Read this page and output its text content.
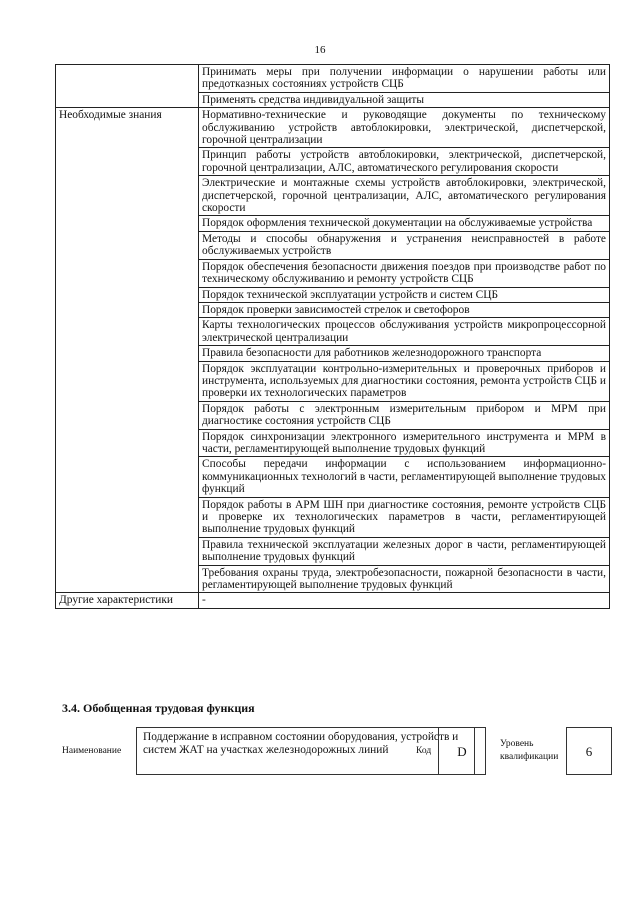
16
	Принимать меры при получении информации о нарушении работы или предотказных состояниях устройств СЦБ
	Применять средства индивидуальной защиты
Необходимые знания	Нормативно-технические и руководящие документы по техническому обслуживанию устройств автоблокировки, электрической, диспетчерской, горочной централизации
	Принцип работы устройств автоблокировки, электрической, диспетчерской, горочной централизации, АЛС, автоматического регулирования скорости
	Электрические и монтажные схемы устройств автоблокировки, электрической, диспетчерской, горочной централизации, АЛС, автоматического регулирования скорости
	Порядок оформления технической документации на обслуживаемые устройства
	Методы и способы обнаружения и устранения неисправностей в работе обслуживаемых устройств
	Порядок обеспечения безопасности движения поездов при производстве работ по техническому обслуживанию и ремонту устройств СЦБ
	Порядок технической эксплуатации устройств и систем СЦБ
	Порядок проверки зависимостей стрелок и светофоров
	Карты технологических процессов обслуживания устройств микропроцессорной электрической централизации
	Правила безопасности для работников железнодорожного транспорта
	Порядок эксплуатации контрольно-измерительных и проверочных приборов и инструмента, используемых для диагностики состояния, ремонта устройств СЦБ и проверки их технологических параметров
	Порядок работы с электронным измерительным прибором и МРМ при диагностике состояния устройств СЦБ
	Порядок синхронизации электронного измерительного инструмента и МРМ в части, регламентирующей выполнение трудовых функций
	Способы передачи информации с использованием информационно-коммуникационных технологий в части, регламентирующей выполнение трудовых функций
	Порядок работы в АРМ ШН при диагностике состояния, ремонте устройств СЦБ и проверке их технологических параметров в части, регламентирующей выполнение трудовых функций
	Правила технической эксплуатации железных дорог в части, регламентирующей выполнение трудовых функций
	Требования охраны труда, электробезопасности, пожарной безопасности в части, регламентирующей выполнение трудовых функций
Другие характеристики	-
3.4. Обобщенная трудовая функция
Наименование
Поддержание в исправном состоянии оборудования, устройств и систем ЖАТ на участках железнодорожных линий	Код	D	Уровень квалификации	6
